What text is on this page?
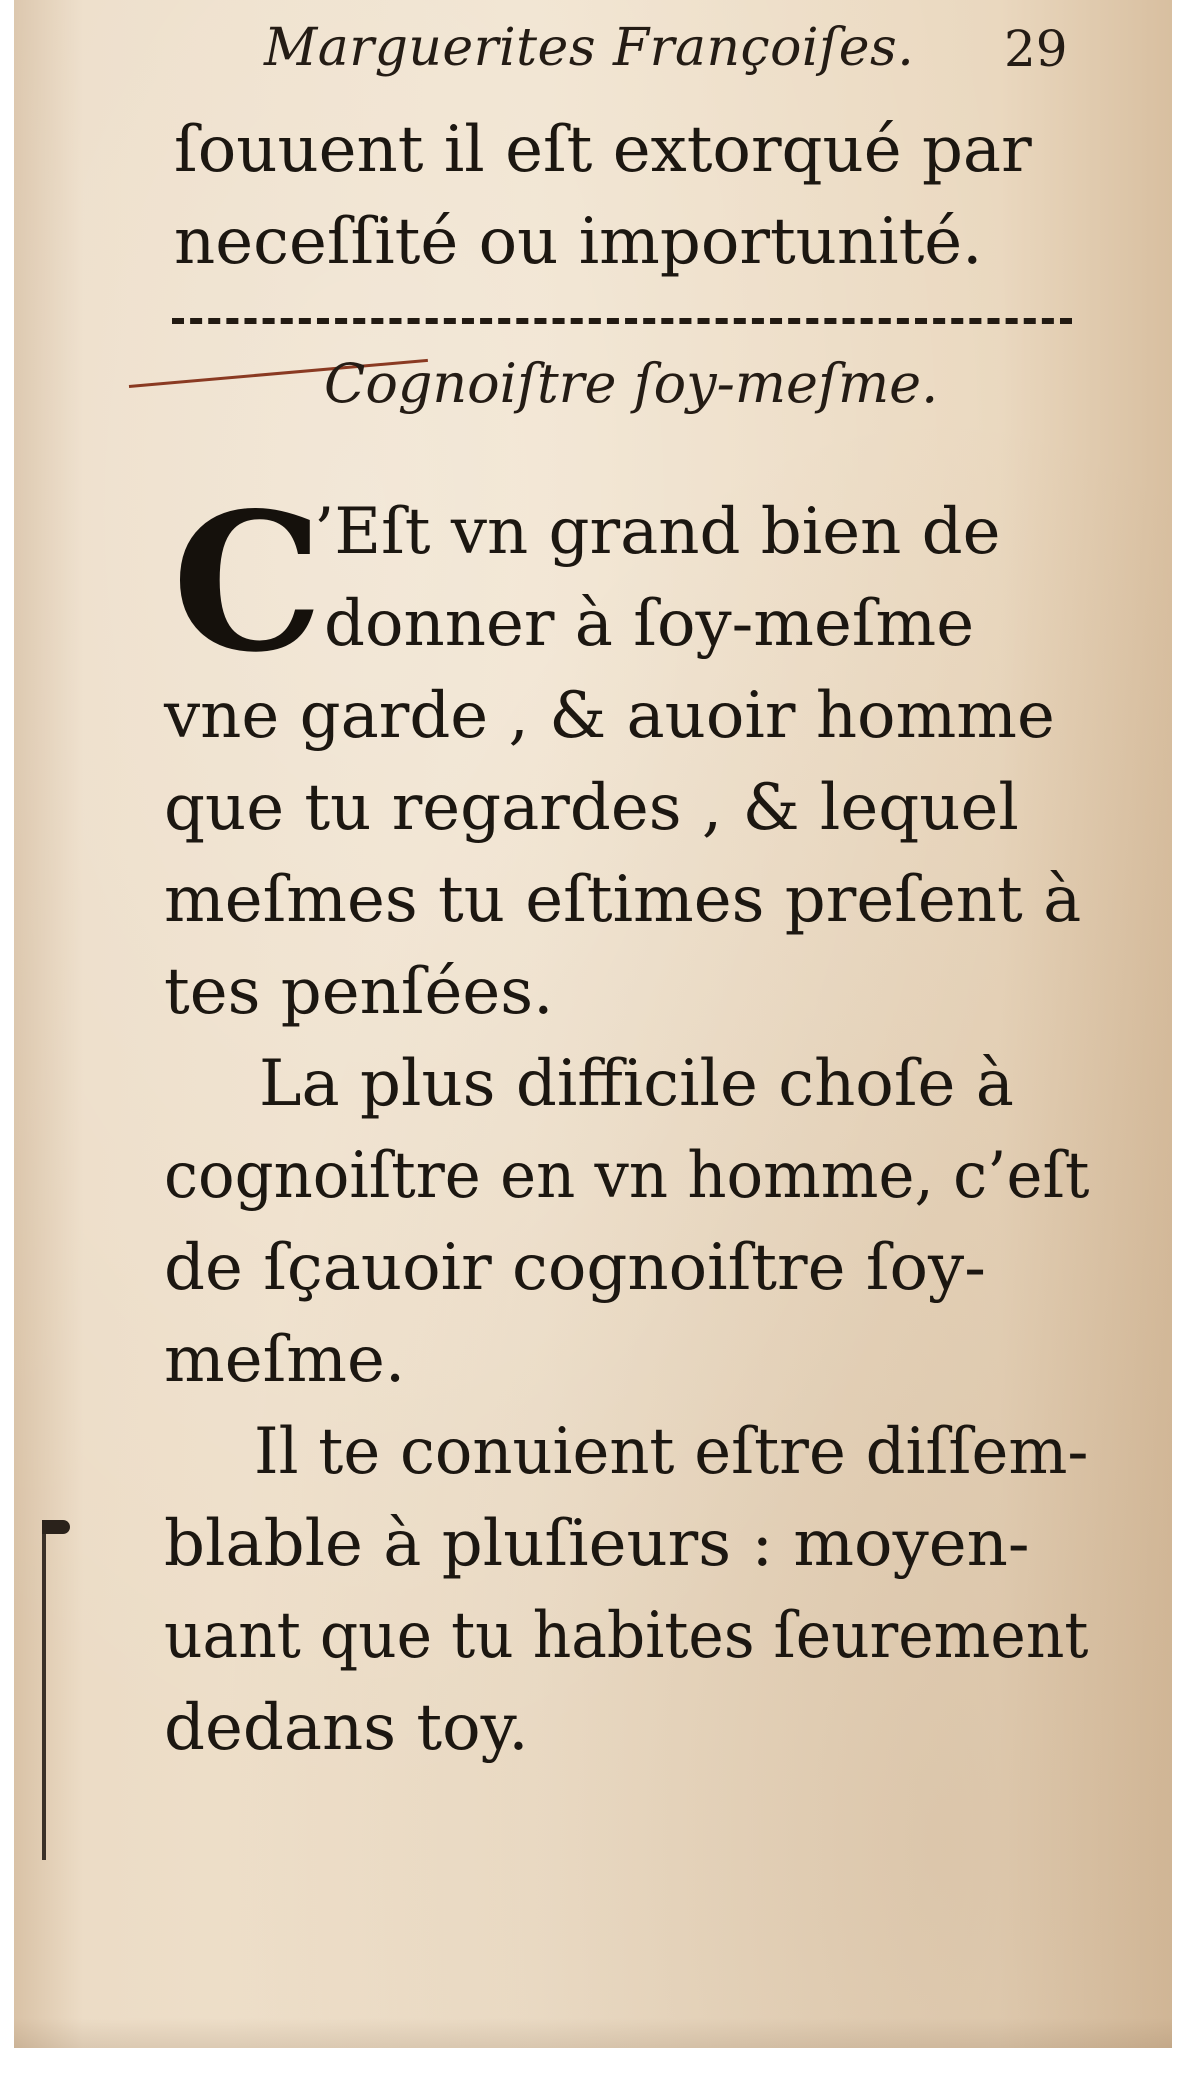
Marguerites Françoiſes. 29
ſouuent il eſt extorqué par
neceſſité ou importunité.
Cognoiſtre ſoy-meſme.
C
’Eſt vn grand bien de
donner à ſoy-meſme
vne garde , & auoir homme
que tu regardes , & lequel
meſmes tu eſtimes preſent à
tes penſées.
La plus difficile choſe à
cognoiſtre en vn homme, c’eſt
de ſçauoir cognoiſtre ſoy-
meſme.
Il te conuient eſtre diſſem-
blable à pluſieurs : moyen-
uant que tu habites ſeurement
dedans toy.
